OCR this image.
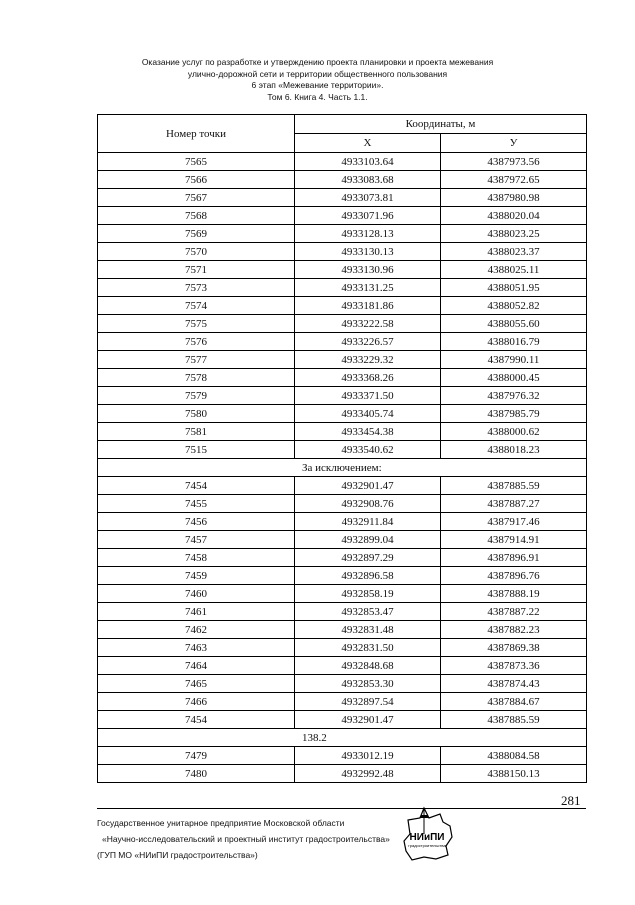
Оказание услуг по разработке и утверждению проекта планировки и проекта межевания
улично-дорожной сети и территории общественного пользования
6 этап «Межевание территории».
Том 6. Книга 4. Часть 1.1.
Номер точки	Координаты, м	
	X	У
7565	4933103.64	4387973.56
7566	4933083.68	4387972.65
7567	4933073.81	4387980.98
7568	4933071.96	4388020.04
7569	4933128.13	4388023.25
7570	4933130.13	4388023.37
7571	4933130.96	4388025.11
7573	4933131.25	4388051.95
7574	4933181.86	4388052.82
7575	4933222.58	4388055.60
7576	4933226.57	4388016.79
7577	4933229.32	4387990.11
7578	4933368.26	4388000.45
7579	4933371.50	4387976.32
7580	4933405.74	4387985.79
7581	4933454.38	4388000.62
7515	4933540.62	4388018.23
За исключением:		
7454	4932901.47	4387885.59
7455	4932908.76	4387887.27
7456	4932911.84	4387917.46
7457	4932899.04	4387914.91
7458	4932897.29	4387896.91
7459	4932896.58	4387896.76
7460	4932858.19	4387888.19
7461	4932853.47	4387887.22
7462	4932831.48	4387882.23
7463	4932831.50	4387869.38
7464	4932848.68	4387873.36
7465	4932853.30	4387874.43
7466	4932897.54	4387884.67
7454	4932901.47	4387885.59
138.2		
7479	4933012.19	4388084.58
7480	4932992.48	4388150.13
281
Государственное унитарное предприятие Московской области
«Научно-исследовательский и проектный институт градостроительства»
(ГУП МО «НИиПИ градостроительства»)
НИиПИ
градостроительства
